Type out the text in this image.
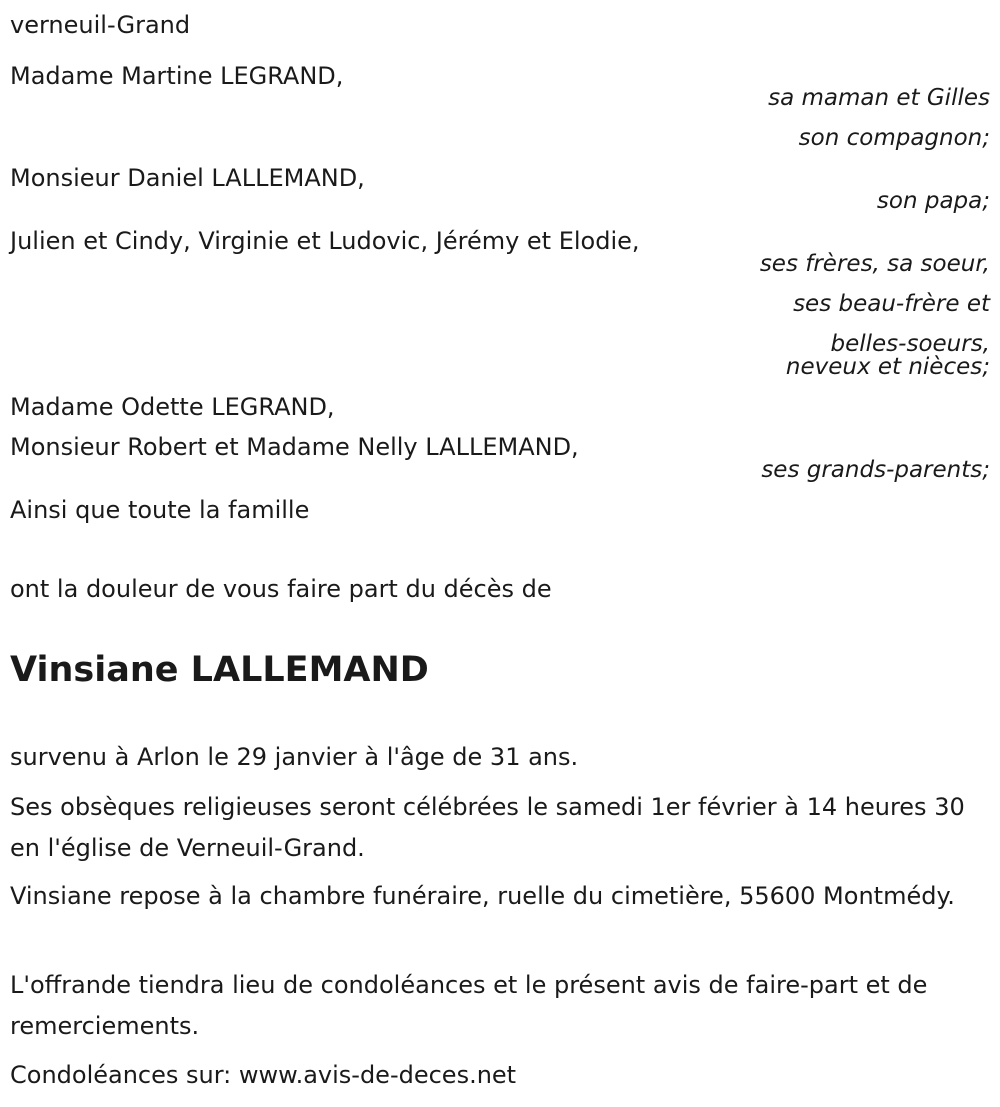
verneuil-Grand
Madame Martine LEGRAND,
sa maman et Gilles
son compagnon;
Monsieur Daniel LALLEMAND,
son papa;
Julien et Cindy, Virginie et Ludovic, Jérémy et Elodie,
ses frères, sa soeur,
ses beau-frère et
belles-soeurs,
neveux et nièces;
Madame Odette LEGRAND,
Monsieur Robert et Madame Nelly LALLEMAND,
ses grands-parents;
Ainsi que toute la famille
ont la douleur de vous faire part du décès de
Vinsiane LALLEMAND
survenu à Arlon le 29 janvier à l'âge de 31 ans.
Ses obsèques religieuses seront célébrées le samedi 1er février à 14 heures 30 en l'église de Verneuil-Grand.
Vinsiane repose à la chambre funéraire, ruelle du cimetière, 55600 Montmédy.
L'offrande tiendra lieu de condoléances et le présent avis de faire-part et de remerciements.
Condoléances sur: www.avis-de-deces.net
